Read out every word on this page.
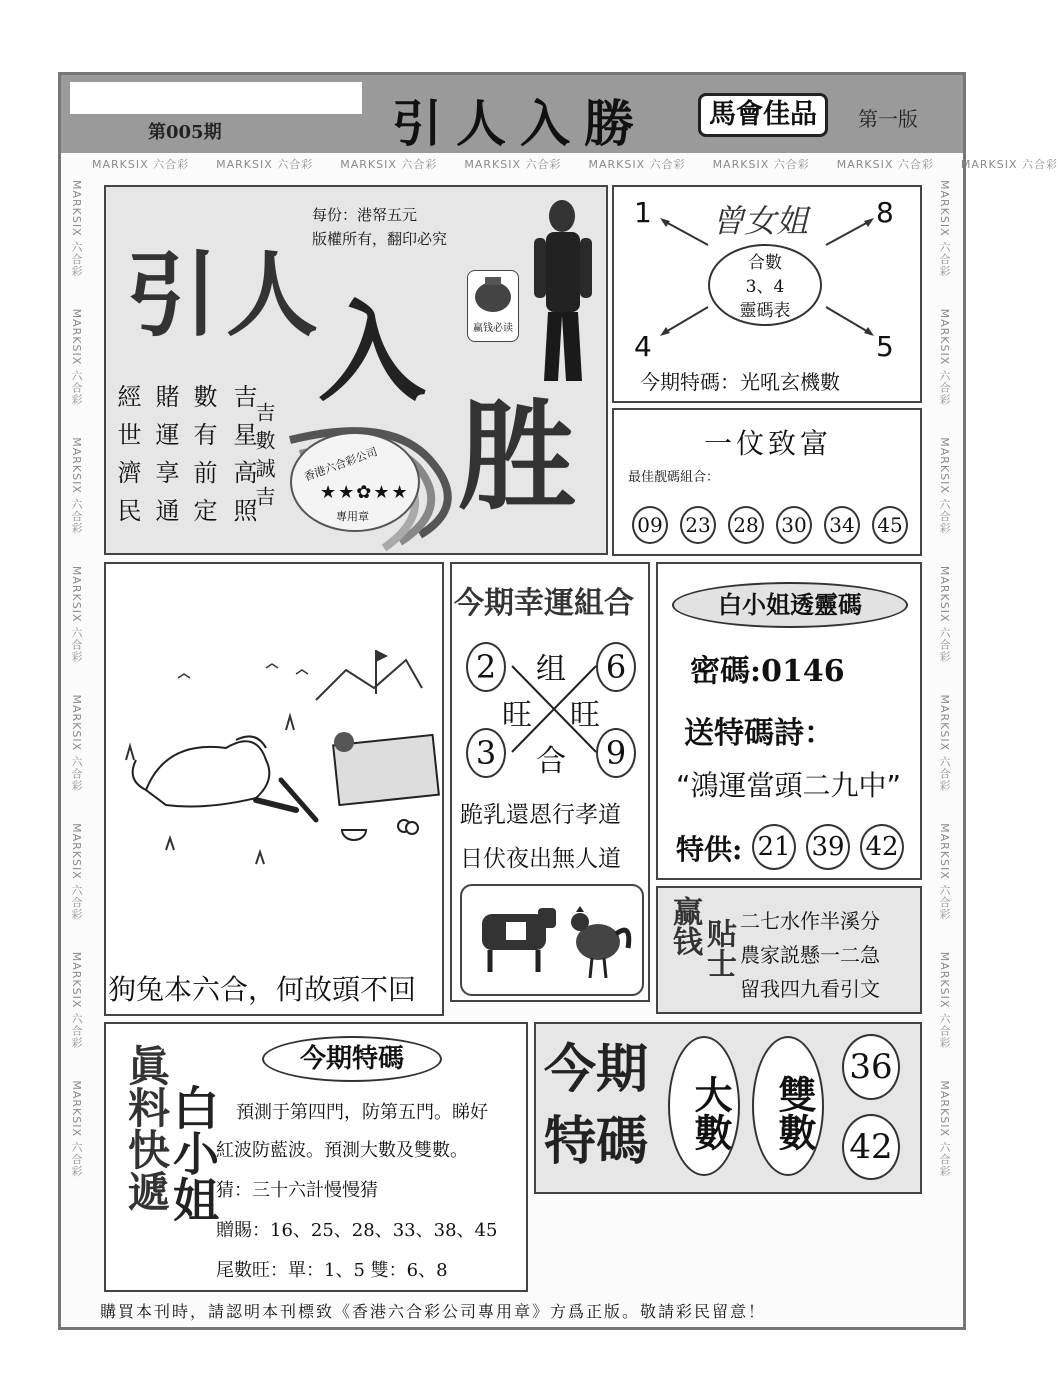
第005期	引人入勝	馬會佳品	第一版
MARKSIX 六合彩 MARKSIX 六合彩 MARKSIX 六合彩 MARKSIX 六合彩 MARKSIX 六合彩 MARKSIX 六合彩 MARKSIX 六合彩 MARKSIX 六合彩
MARKSIX 六合彩       MARKSIX 六合彩       MARKSIX 六合彩       MARKSIX 六合彩       MARKSIX 六合彩       MARKSIX 六合彩       MARKSIX 六合彩       MARKSIX 六合彩
MARKSIX 六合彩       MARKSIX 六合彩       MARKSIX 六合彩       MARKSIX 六合彩       MARKSIX 六合彩       MARKSIX 六合彩       MARKSIX 六合彩       MARKSIX 六合彩
每份：港帑五元
版權所有，翻印必究
引人
入
胜
赢钱必读
香港六合彩公司
★★✿★★
專用章
吉星高照
數有前定
賭運享通
經世濟民	吉數誠吉
曾女姐
1	8
4	5
合數
3、4
靈碼表
今期特碼：光吼玄機數
一伩致富
最佳靓碼組合：
09 23 28 30 34 45
狗兔本六合，何故頭不回
今期幸運組合
2	6
3	9
组
旺 旺
合
跪乳還恩行孝道
日伏夜出無人道
白小姐透靈碼
密碼:0146
送特碼詩：
“鴻運當頭二九中”
特供: 21 39 42
赢钱 贴士 二七水作半溪分
農家説懸一二急
留我四九看引文
眞料快遞
白小姐
今期特碼
預測于第四門，防第五門。睇好
紅波防藍波。預測大數及雙數。
猜：三十六計慢慢猜
贈賜：16、25、28、33、38、45
尾數旺：單：1、5 雙：6、8
今期特碼	大數	雙數
36
42
購買本刊時，請認明本刊標致《香港六合彩公司專用章》方爲正版。敬請彩民留意！
